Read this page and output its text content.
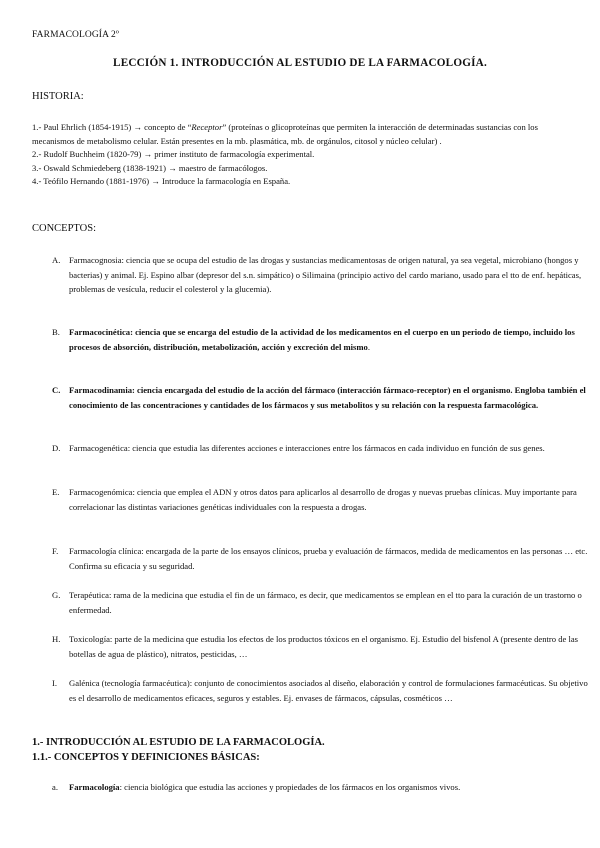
FARMACOLOGÍA 2º
LECCIÓN 1. INTRODUCCIÓN AL ESTUDIO DE LA FARMACOLOGÍA.
HISTORIA:

1.- Paul Ehrlich (1854-1915) → concepto de “Receptor” (proteínas o glicoproteínas que permiten la interacción de determinadas sustancias con los mecanismos de metabolismo celular. Están presentes en la mb. plasmática, mb. de orgánulos, citosol y núcleo celular) .

2.- Rudolf Buchheim (1820-79) → primer instituto de farmacología experimental.

3.- Oswald Schmiedeberg (1838-1921) → maestro de farmacólogos.

4.- Teófilo Hernando (1881-1976) → Introduce la farmacología en España.

CONCEPTOS:
A. Farmacognosia: ciencia que se ocupa del estudio de las drogas y sustancias medicamentosas de origen natural, ya sea vegetal, microbiano (hongos y bacterias) y animal. Ej. Espino albar (depresor del s.n. simpático) o Silimaina (principio activo del cardo mariano, usado para el tto de enf. hepáticas, problemas de vesícula, reducir el colesterol y la glucemia).
B. Farmacocinética: ciencia que se encarga del estudio de la actividad de los medicamentos en el cuerpo en un periodo de tiempo, incluido los procesos de absorción, distribución, metabolización, acción y excreción del mismo.
C. Farmacodinamia: ciencia encargada del estudio de la acción del fármaco (interacción fármaco-receptor) en el organismo. Engloba también el conocimiento de las concentraciones y cantidades de los fármacos y sus metabolitos y su relación con la respuesta farmacológica.
D. Farmacogenética: ciencia que estudia las diferentes acciones e interacciones entre los fármacos en cada individuo en función de sus genes.
E. Farmacogenómica: ciencia que emplea el ADN y otros datos para aplicarlos al desarrollo de drogas y nuevas pruebas clínicas. Muy importante para correlacionar las distintas variaciones genéticas individuales con la respuesta a drogas.
F. Farmacología clínica: encargada de la parte de los ensayos clínicos, prueba y evaluación de fármacos, medida de medicamentos en las personas … etc. Confirma su eficacia y su seguridad.
G. Terapéutica: rama de la medicina que estudia el fin de un fármaco, es decir, que medicamentos se emplean en el tto para la curación de un trastorno o enfermedad.
H. Toxicología: parte de la medicina que estudia los efectos de los productos tóxicos en el organismo. Ej. Estudio del bisfenol A (presente dentro de las botellas de agua de plástico), nitratos, pesticidas, …
I. Galénica (tecnología farmacéutica): conjunto de conocimientos asociados al diseño, elaboración y control de formulaciones farmacéuticas. Su objetivo es el desarrollo de medicamentos eficaces, seguros y estables. Ej. envases de fármacos, cápsulas, cosméticos …
1.- INTRODUCCIÓN AL ESTUDIO DE LA FARMACOLOGÍA.
1.1.- CONCEPTOS Y DEFINICIONES BÁSICAS:
a. Farmacología: ciencia biológica que estudia las acciones y propiedades de los fármacos en los organismos vivos.
